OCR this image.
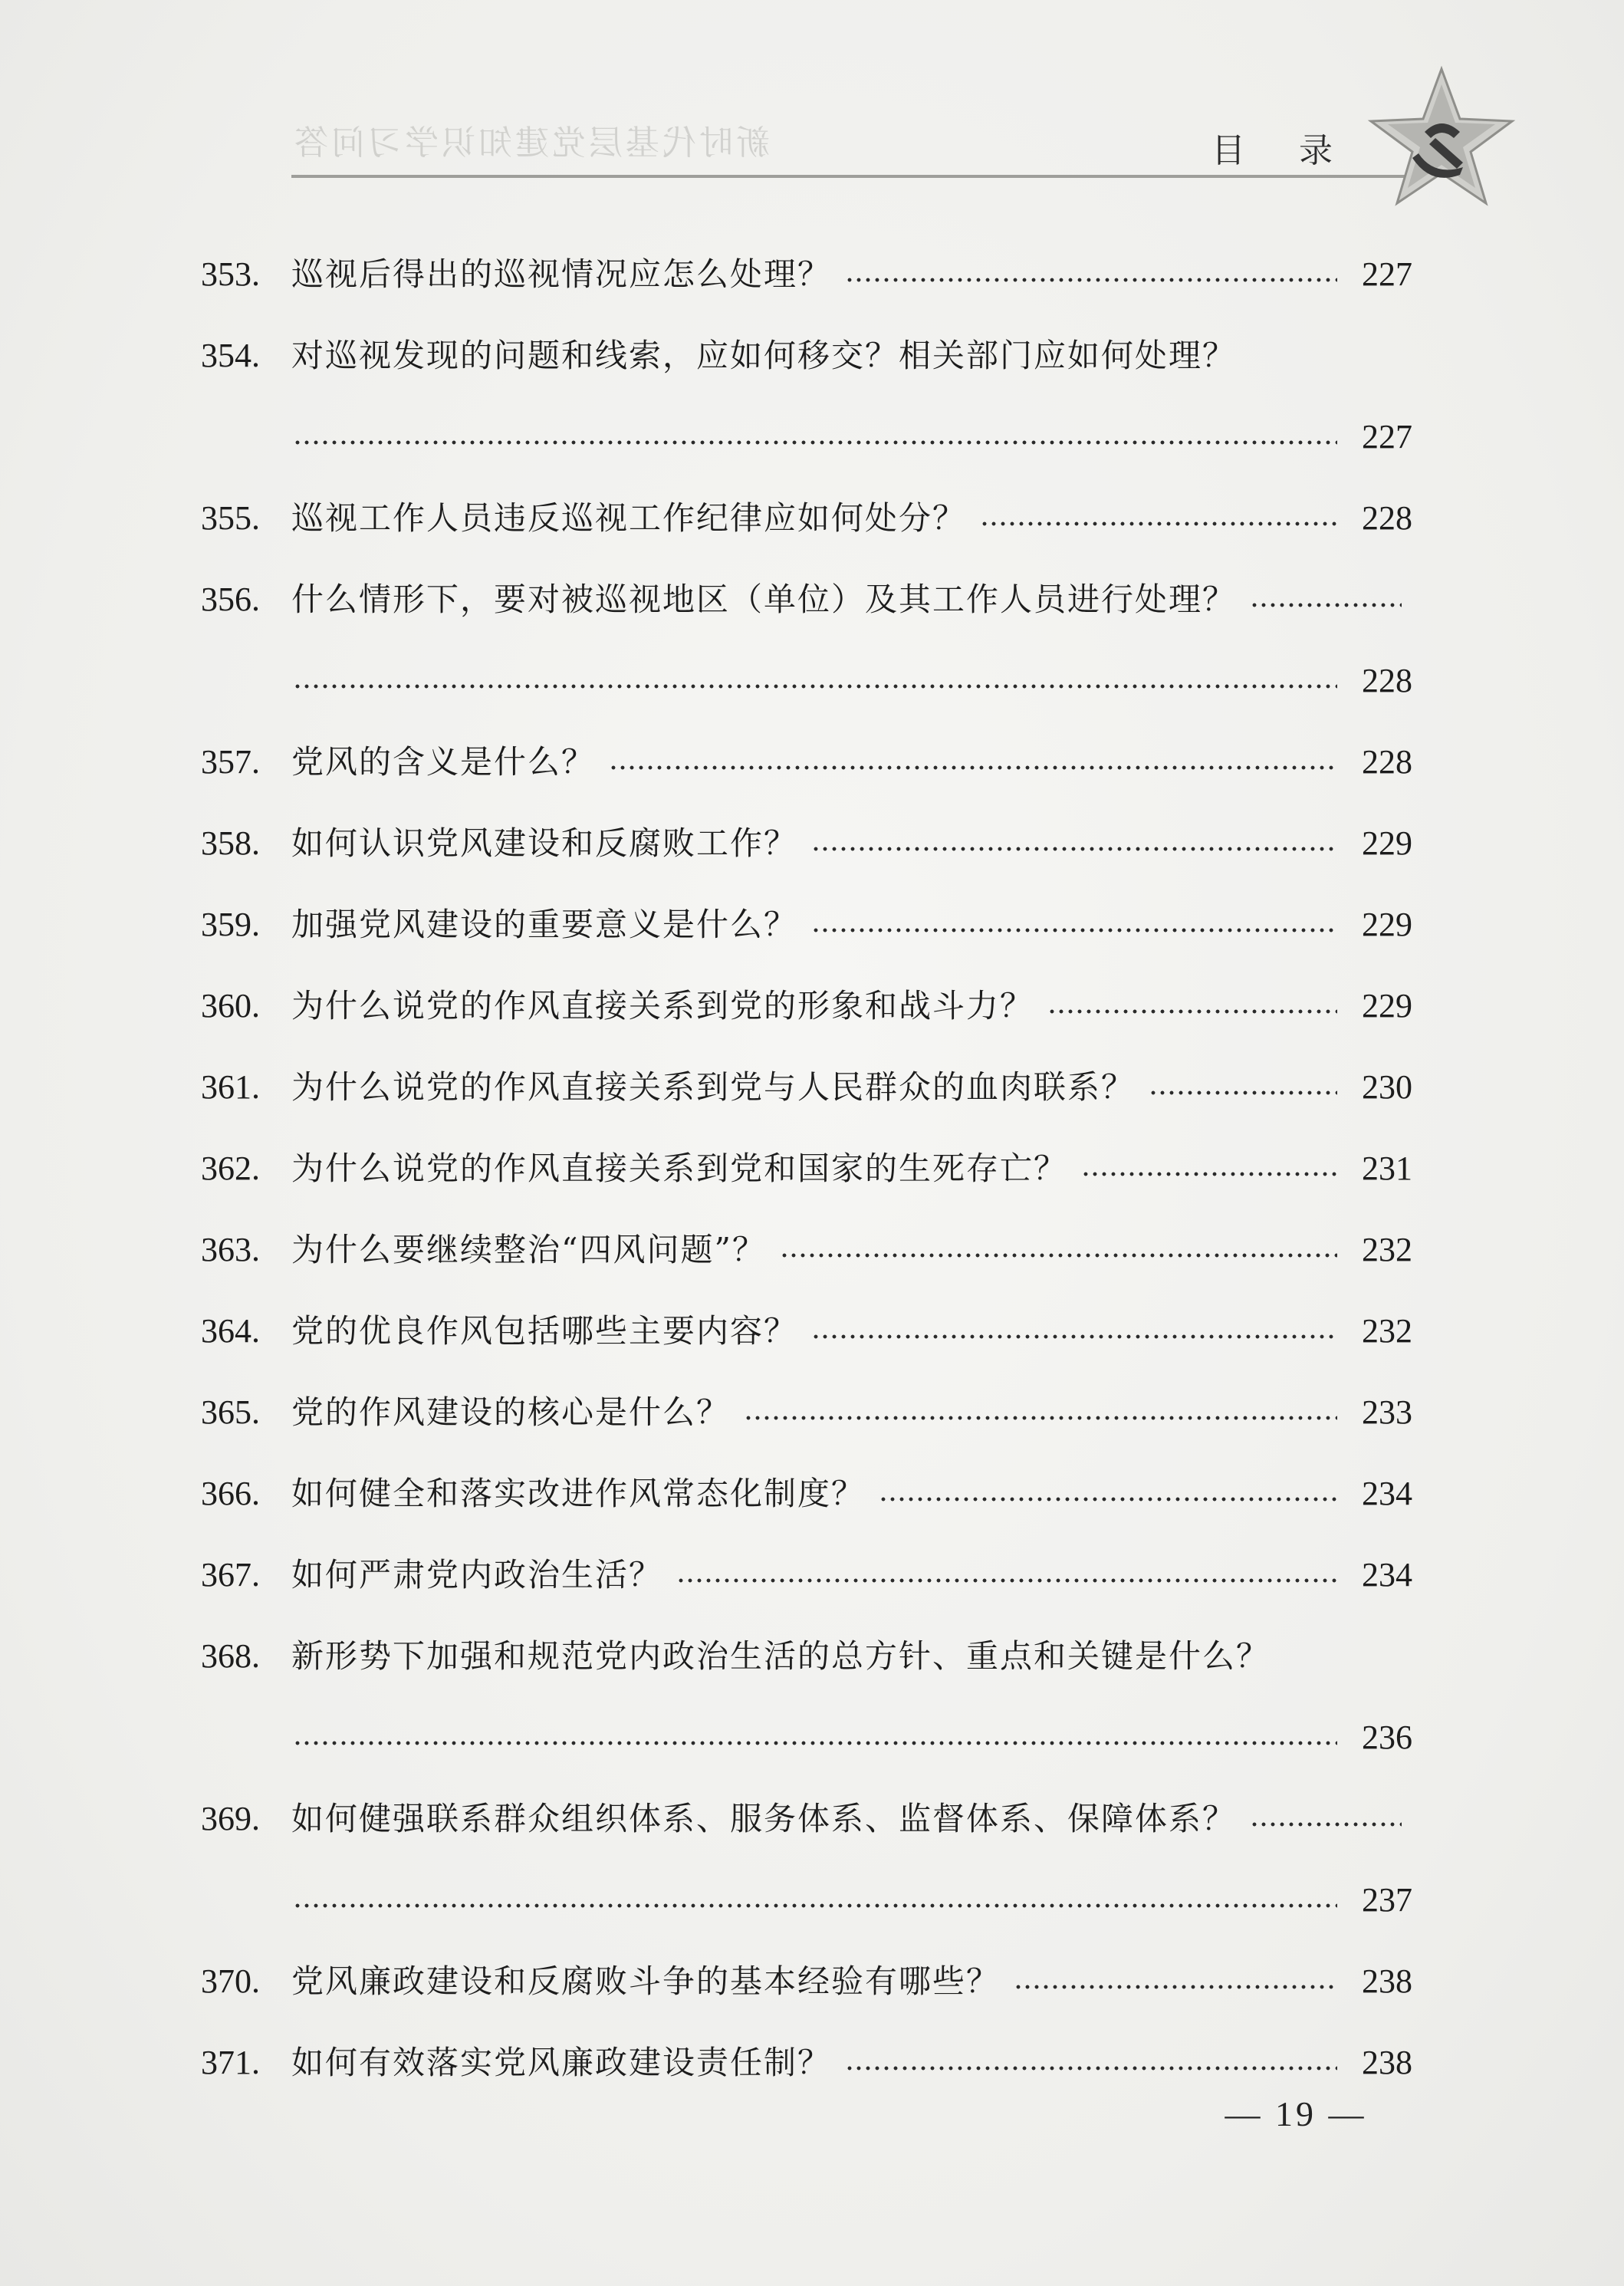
新时代基层党建知识学习问答	目 录
353. 巡视后得出的巡视情况应怎么处理？	227
354. 对巡视发现的问题和线索，应如何移交？相关部门应如何处理？
227
355. 巡视工作人员违反巡视工作纪律应如何处分？	228
356. 什么情形下，要对被巡视地区（单位）及其工作人员进行处理？
228
357. 党风的含义是什么？	228
358. 如何认识党风建设和反腐败工作？	229
359. 加强党风建设的重要意义是什么？	229
360. 为什么说党的作风直接关系到党的形象和战斗力？	229
361. 为什么说党的作风直接关系到党与人民群众的血肉联系？	230
362. 为什么说党的作风直接关系到党和国家的生死存亡？	231
363. 为什么要继续整治“四风问题”？	232
364. 党的优良作风包括哪些主要内容？	232
365. 党的作风建设的核心是什么？	233
366. 如何健全和落实改进作风常态化制度？	234
367. 如何严肃党内政治生活？	234
368. 新形势下加强和规范党内政治生活的总方针、重点和关键是什么？
236
369. 如何健强联系群众组织体系、服务体系、监督体系、保障体系？
237
370. 党风廉政建设和反腐败斗争的基本经验有哪些？	238
371. 如何有效落实党风廉政建设责任制？	238
— 19 —
